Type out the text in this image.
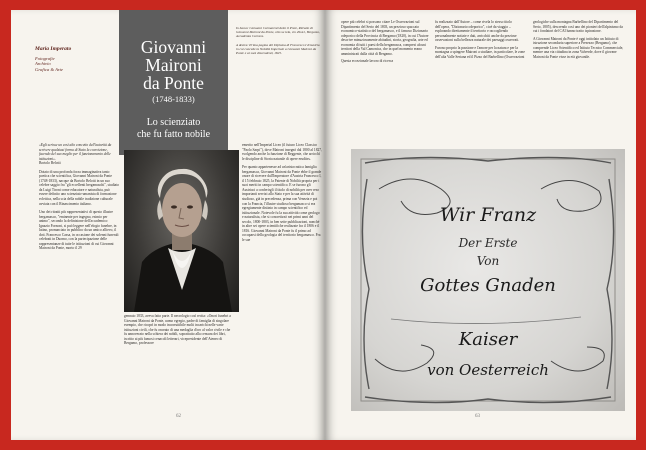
Maria Imperato
Fotografie
Archivio
Grafica & Arte
Giovanni
Maironi
da Ponte
(1748-1833)
Lo scienziato
che fu fatto nobile

In basso: Giovanni Carmarenti detto il Prete, Ritratto di Giovanni Maironi da Ponte, olio su tela, cm 49x41, Bergamo, Accademia Carrara.

A destra: Prima pagina del Diploma di Francesco I d'Austria in cui concede la Nobiltà Imperiale a Giovanni Maironi da Ponte e ai suoi discendenti, 1825.

«Egli scrisse un così alto concetto dell'autorità da scrivere qualsiasi forma di Stato la coercizione, facendo del suo meglio per il funzionamento delle istituzioni».

Bortolo Belotti

Dotato di una profonda forza immaginativa tanto poetica che scientifica, Giovanni Maironi da Ponte (1748-1833), nacque da Bortolo Belotti in un suo celebre saggio fra "gli eccellenti bergamaschi", studiato da Luigi Tironi come educatore e naturalista, può essere definito uno scienziato-umanista di formazione eclettica, nella scia della nobile tradizione culturale avviata con il Rinascimento italiano.

Uno dei ritratti più rappresentativi di questo illustre bergamasco, "eminente per ingegno, esimio per animo", secondo la definizione dell'accademico Ignazio Fornoni, si può leggere nell'elogio funebre, in latino, pronunciato in pubblico da un amico allievo, il dott. Francesco Cassa, in occasione dei solenni funerali celebrati in Duomo, con la partecipazione delle rappresentanze di tutte le istituzioni di cui Giovanni Maironi da Ponte, morto il 29

gennaio 1833, aveva fatto parte. Il necrologio così recita: «Onori funebri a Giovanni Maironi da Ponte, uomo egregio, padre di famiglia di singolare esempio, che ricoprì in modo incorruttibile molti incarichi nelle varie istituzioni civili, che fu onorato di una medaglia d'oro al valor civile e che fu annoverato nella schiera dei nobili, soprattutto alla censura dei libri, iscritto ai più famosi cenacoli letterari, vicepresidente dell'Ateneo di Bergamo, professore

emerito nell'Imperial Liceo (il futuro Liceo Classico "Paolo Sarpi"), dove Maironi insegnò dal 1800 al 1827, svolgendo anche la funzione di Reggente, che arricchì le discipline di Storia naturale di opere erudite».

Per quanto appartenesse ad un'aristocratica famiglia bergamasca, Giovanni Maironi da Ponte ebbe il grande onore di ricevere dall'Imperatore d'Austria Francesco I, il 15 febbraio 1825, la Patente di Nobiltà propria per i suoi meriti in campo scientifico. E se furono gli Austriaci a conferirgli il titolo di nobiltà per aver reso importanti servizi allo Stato e per la sua attività di studioso, già in precedenza, prima con Venezia e poi con la Francia, l'illustre studioso bergamasco si era egregiamente distinto in campo scientifico ed istituzionale. Notevole fu la sua attività come geologo e naturalista, che si concretizzò nei primi anni del secolo, 1800-1803, in ben sette pubblicazioni, nonché in altre sei opere scientifiche realizzate fra il 1806 e il 1816. Giovanni Maironi da Ponte fu il primo ad occuparsi della geologia del territorio bergamasco. Fra le sue

62

opere più celebri si possono citare Le Osservazioni sul Dipartimento del Serio del 1803, un prezioso spaccato economico-statistico del bergamasco, e il famoso Dizionario odeporico della Provincia di Bergamo (1820), in cui l'Autore descrive minuziosamente abitudini, storia, geografia, arte ed economia di tutti i paesi della bergamasca, compresi alcuni territori della Val Camonica, che in quel momento erano amministrati dalla città di Bergamo.

Questa eccezionale lavoro di ricerca

fu realizzato dall'Autore – come rivela lo stesso titolo dell'opera, "Dizionario odeporico", cioè da viaggio – esplorando direttamente il territorio e raccogliendo personalmente notizie e dati, arricchiti anche da preziose osservazioni sulla bellezza naturale dei paesaggi osservati.

Furono proprio la passione e l'amore per la natura e per la montagna a spingere Maironi a studiare, in particolare, le zone dell'alta Valle Seriana ed il Pizzo del Barbellino (Osservazioni

geologiche sulla montagna Barbellino del Dipartimento del Serio, 1805), descrendo così uno dei pionieri dell'alpinismo da cui i fondatori del CAI hanno tratto ispirazione.

A Giovanni Maironi da Ponte è oggi intitolato un Istituto di istruzione secondaria superiore a Presezzo (Bergamo), che comprende Liceo Scientifico ed Istituto Tecnico Commerciale, mentre una via cittadina in zona Valverde, dove il giovane Maironi da Ponte visse in età giovanile.

Wir Franz
Der Erste
Von
Gottes Gnaden
Kaiser
von Oesterreich
63
